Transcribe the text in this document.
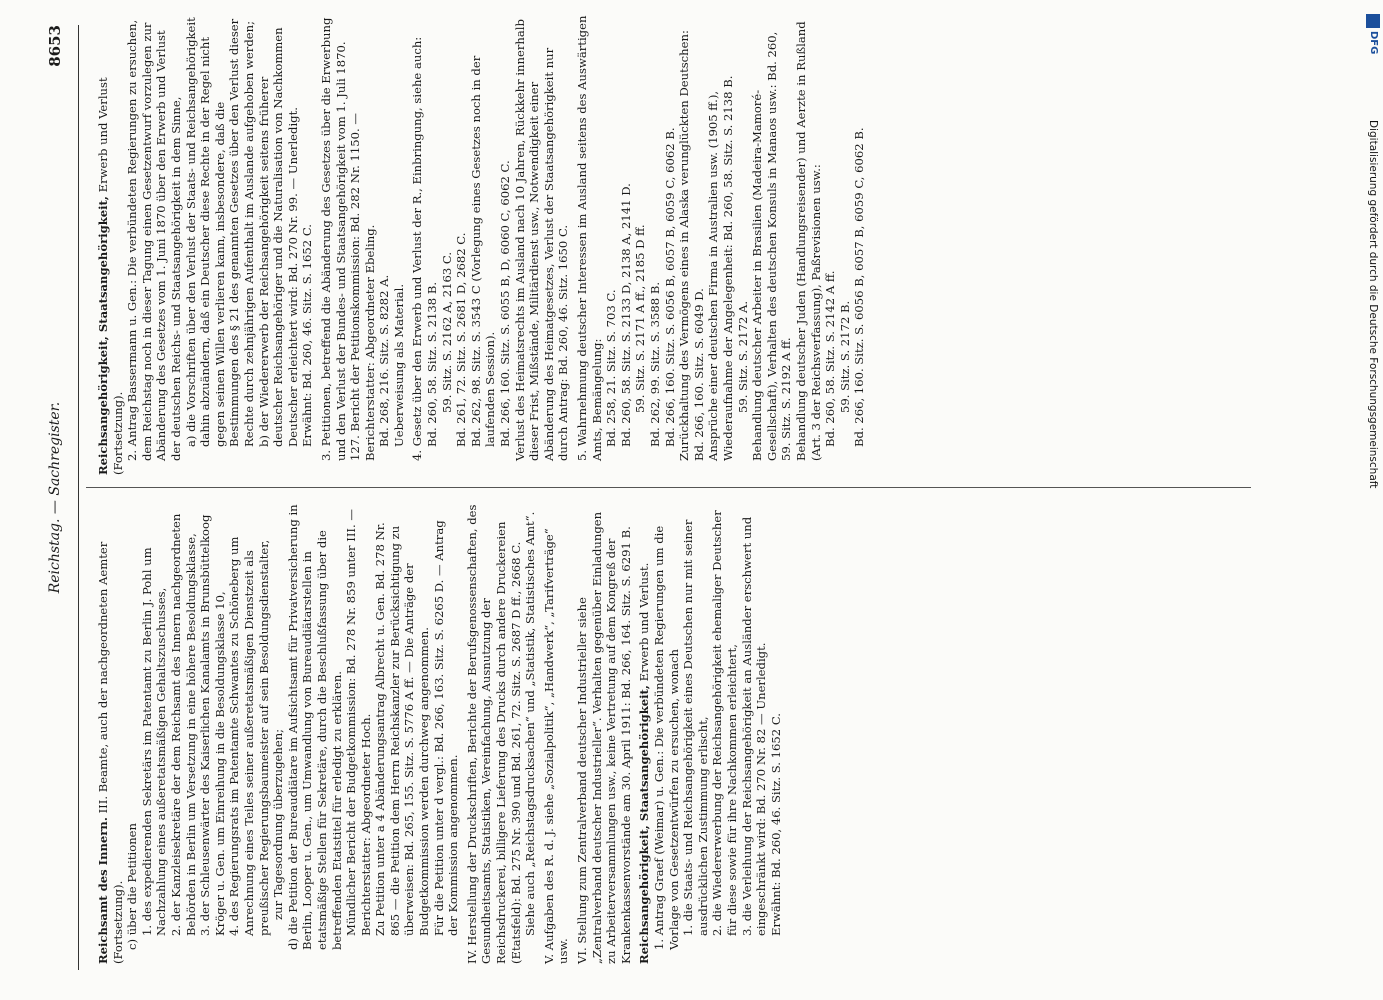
Reichstag. — Sachregister.
8653

Reichsamt des Innern. III. Beamte, auch der nachgeordneten Aemter (Fortsetzung). c) über die Petitionen 1. des expedierenden Sekretärs im Patentamt zu Berlin J. Pohl um Nachzahlung eines außeretatsmäßigen Gehaltszuschusses, 2. der Kanzleisekretäre der dem Reichsamt des Innern nachgeordneten Behörden in Berlin um Versetzung in eine höhere Besoldungsklasse, 3. der Schleusenwärter des Kaiserlichen Kanalamts in Brunsbüttelkoog Kröger u. Gen. um Einreihung in die Besoldungsklasse 10, 4. des Regierungsrats im Patentamte Schwantes zu Schöneberg um Anrechnung eines Teiles seiner außeretatsmäßigen Dienstzeit als preußischer Regierungsbaumeister auf sein Besoldungsdienstalter, zur Tagesordnung überzugehen; d) die Petition der Bureaudiätare im Aufsichtsamt für Privatversicherung in Berlin, Looper u. Gen., um Umwandlung von Bureaudiätarstellen in etatsmäßige Stellen für Sekretäre, durch die Beschlußfassung über die betreffenden Etatstitel für erledigt zu erklären. Mündlicher Bericht der Budgetkommission: Bd. 278 Nr. 859 unter III. — Berichterstatter: Abgeordneter Hoch. Zu Petition unter a 4 Abänderungsantrag Albrecht u. Gen. Bd. 278 Nr. 865 — die Petition dem Herrn Reichskanzler zur Berücksichtigung zu überweisen: Bd. 265, 155. Sitz. S. 5776 A ff. — Die Anträge der Budgetkommission werden durchweg angenommen. Für die Petition unter d vergl.: Bd. 266, 163. Sitz. S. 6265 D. — Antrag der Kommission angenommen. IV. Herstellung der Druckschriften, Berichte der Berufsgenossenschaften, des Gesundheitsamts, Statistiken, Vereinfachung, Ausnutzung der Reichsdruckerei, billigere Lieferung des Drucks durch andere Druckereien (Etatsfeld): Bd. 275 Nr. 390 und Bd. 261, 72. Sitz. S. 2687 D ff., 2668 C. Siehe auch „Reichstagsdrucksachen“ und „Statistik, Statistisches Amt“. V. Aufgaben des R. d. J. siehe „Sozialpolitik“, „Handwerk“, „Tarifverträge“ usw. VI. Stellung zum Zentralverband deutscher Industrieller siehe „Zentralverband deutscher Industrieller“. Verhalten gegenüber Einladungen zu Arbeiterversammlungen usw., keine Vertretung auf dem Kongreß der Krankenkassenvorstände am 30. April 1911: Bd. 266, 164. Sitz. S. 6291 B. Reichsangehörigkeit, Staatsangehörigkeit, Erwerb und Verlust. 1. Antrag Graef (Weimar) u. Gen.: Die verbündeten Regierungen um die Vorlage von Gesetzentwürfen zu ersuchen, wonach 1. die Staats- und Reichsangehörigkeit eines Deutschen nur mit seiner ausdrücklichen Zustimmung erlischt, 2. die Wiedererwerbung der Reichsangehörigkeit ehemaliger Deutscher für diese sowie für ihre Nachkommen erleichtert, 3. die Verleihung der Reichsangehörigkeit an Ausländer erschwert und eingeschränkt wird: Bd. 270 Nr. 82 — Unerledigt. Erwähnt: Bd. 260, 46. Sitz. S. 1652 C.

Reichsangehörigkeit, Staatsangehörigkeit, Erwerb und Verlust (Fortsetzung). 2. Antrag Bassermann u. Gen.: Die verbündeten Regierungen zu ersuchen, dem Reichstag noch in dieser Tagung einen Gesetzentwurf vorzulegen zur Abänderung des Gesetzes vom 1. Juni 1870 über den Erwerb und Verlust der deutschen Reichs- und Staatsangehörigkeit in dem Sinne, a) die Vorschriften über den Verlust der Staats- und Reichsangehörigkeit dahin abzuändern, daß ein Deutscher diese Rechte in der Regel nicht gegen seinen Willen verlieren kann, insbesondere, daß die Bestimmungen des § 21 des genannten Gesetzes über den Verlust dieser Rechte durch zehnjährigen Aufenthalt im Auslande aufgehoben werden; b) der Wiedererwerb der Reichsangehörigkeit seitens früherer deutscher Reichsangehöriger und die Naturalisation von Nachkommen Deutscher erleichtert wird: Bd. 270 Nr. 99. — Unerledigt. Erwähnt: Bd. 260, 46. Sitz. S. 1652 C. 3. Petitionen, betreffend die Abänderung des Gesetzes über die Erwerbung und den Verlust der Bundes- und Staatsangehörigkeit vom 1. Juli 1870. 127. Bericht der Petitionskommission: Bd. 282 Nr. 1150. — Berichterstatter: Abgeordneter Ebeling. Bd. 268, 216. Sitz. S. 8282 A. Ueberweisung als Material. 4. Gesetz über den Erwerb und Verlust der R., Einbringung, siehe auch: Bd. 260, 58. Sitz. S. 2138 B. 59. Sitz. S. 2162 A, 2163 C. Bd. 261, 72. Sitz. S. 2681 D, 2682 C. Bd. 262, 98. Sitz. S. 3543 C (Vorlegung eines Gesetzes noch in der laufenden Session). Bd. 266, 160. Sitz. S. 6055 B, D, 6060 C, 6062 C. Verlust des Heimatsrechts im Ausland nach 10 Jahren, Rückkehr innerhalb dieser Frist, Mißstände, Militärdienst usw., Notwendigkeit einer Abänderung des Heimatgesetzes, Verlust der Staatsangehörigkeit nur durch Antrag: Bd. 260, 46. Sitz. 1650 C. 5. Wahrnehmung deutscher Interessen im Ausland seitens des Auswärtigen Amts, Bemängelung: Bd. 258, 21. Sitz. S. 703 C. Bd. 260, 58. Sitz. S. 2133 D, 2138 A, 2141 D. 59. Sitz. S. 2171 A ff., 2185 D ff. Bd. 262, 99. Sitz. S. 3588 B. Bd. 266, 160. Sitz. S. 6056 B, 6057 B, 6059 C, 6062 B. Zurückhaltung des Vermögens eines in Alaska verunglückten Deutschen: Bd. 266, 160. Sitz. S. 6049 D. Ansprüche einer deutschen Firma in Australien usw. (1905 ff.), Wiederaufnahme der Angelegenheit: Bd. 260, 58. Sitz. S. 2138 B. 59. Sitz. S. 2172 A. Behandlung deutscher Arbeiter in Brasilien (Madeira-Mamoré-Gesellschaft), Verhalten des deutschen Konsuls in Manaos usw.: Bd. 260, 59. Sitz. S. 2192 A ff. Behandlung deutscher Juden (Handlungsreisender) und Aerzte in Rußland (Art. 3 der Reichsverfassung), Paßrevisionen usw.: Bd. 260, 58. Sitz. S. 2142 A ff. 59. Sitz. S. 2172 B. Bd. 266, 160. Sitz. S. 6056 B, 6057 B, 6059 C, 6062 B.

DFG
Digitalisierung gefördert durch die Deutsche Forschungsgemeinschaft
